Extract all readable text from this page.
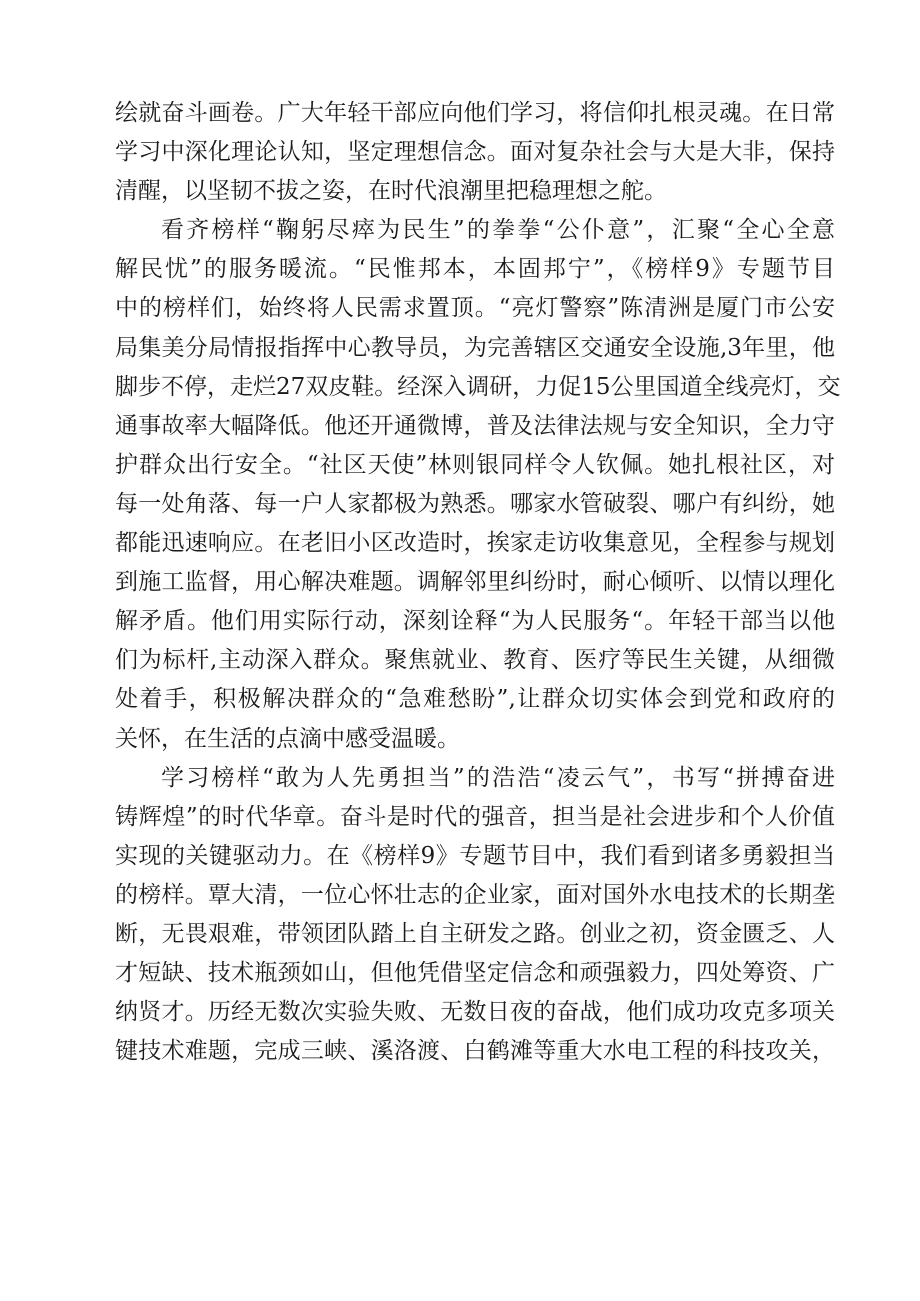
绘就奋斗画卷。广大年轻干部应向他们学习，将信仰扎根灵魂。在日常
学习中深化理论认知，坚定理想信念。面对复杂社会与大是大非，保持
清醒，以坚韧不拔之姿，在时代浪潮里把稳理想之舵。
看齐榜样“鞠躬尽瘁为民生”的拳拳“公仆意”，汇聚“全心全意
解民忧”的服务暖流。“民惟邦本，本固邦宁”，《榜样9》专题节目
中的榜样们，始终将人民需求置顶。“亮灯警察”陈清洲是厦门市公安
局集美分局情报指挥中心教导员，为完善辖区交通安全设施,3年里，他
脚步不停，走烂27双皮鞋。经深入调研，力促15公里国道全线亮灯，交
通事故率大幅降低。他还开通微博，普及法律法规与安全知识，全力守
护群众出行安全。“社区天使”林则银同样令人钦佩。她扎根社区，对
每一处角落、每一户人家都极为熟悉。哪家水管破裂、哪户有纠纷，她
都能迅速响应。在老旧小区改造时，挨家走访收集意见，全程参与规划
到施工监督，用心解决难题。调解邻里纠纷时，耐心倾听、以情以理化
解矛盾。他们用实际行动，深刻诠释“为人民服务“。年轻干部当以他
们为标杆,主动深入群众。聚焦就业、教育、医疗等民生关键，从细微
处着手，积极解决群众的“急难愁盼”,让群众切实体会到党和政府的
关怀，在生活的点滴中感受温暖。
学习榜样“敢为人先勇担当”的浩浩“凌云气”，书写“拼搏奋进
铸辉煌”的时代华章。奋斗是时代的强音，担当是社会进步和个人价值
实现的关键驱动力。在《榜样9》专题节目中，我们看到诸多勇毅担当
的榜样。覃大清，一位心怀壮志的企业家，面对国外水电技术的长期垄
断，无畏艰难，带领团队踏上自主研发之路。创业之初，资金匮乏、人
才短缺、技术瓶颈如山，但他凭借坚定信念和顽强毅力，四处筹资、广
纳贤才。历经无数次实验失败、无数日夜的奋战，他们成功攻克多项关
键技术难题，完成三峡、溪洛渡、白鹤滩等重大水电工程的科技攻关，
